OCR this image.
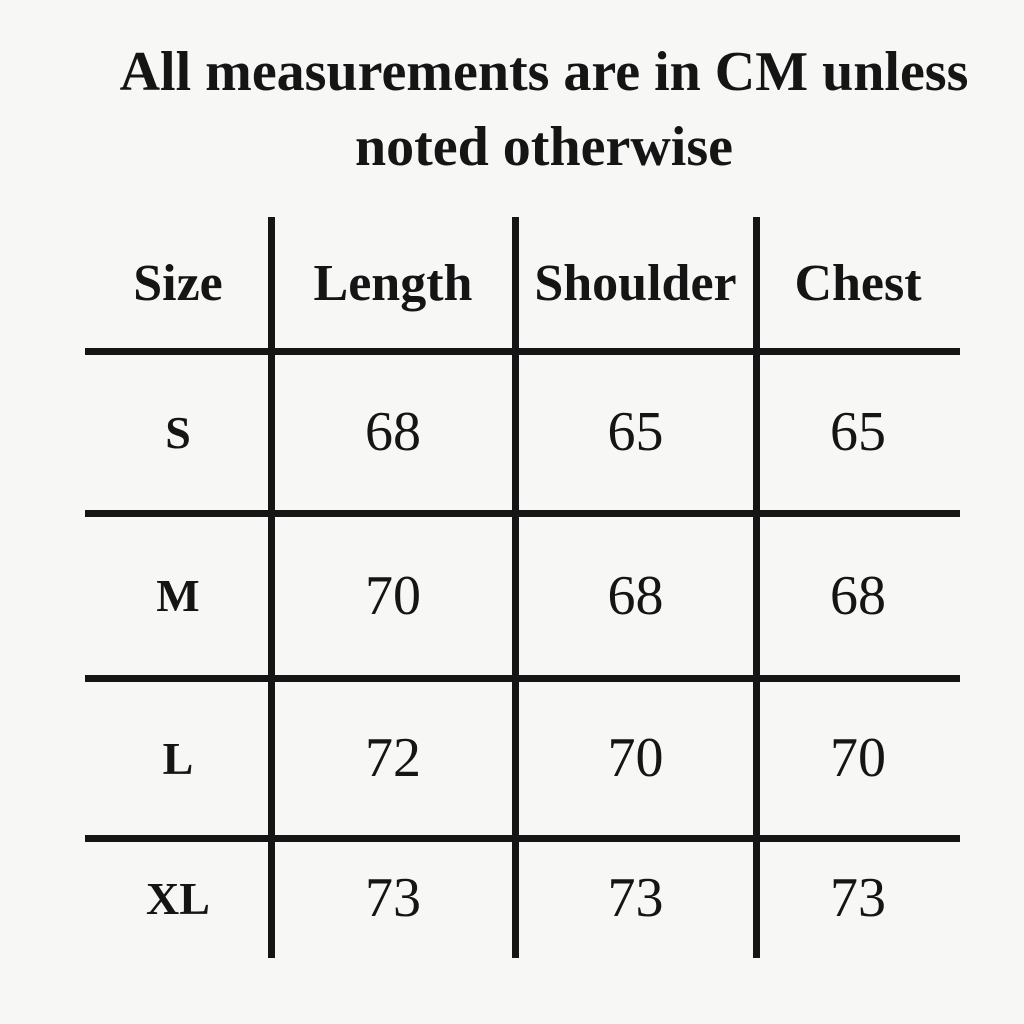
All measurements are in CM unless
noted otherwise
Size	Length	Shoulder	Chest
S	68	65	65
M	70	68	68
L	72	70	70
XL	73	73	73
